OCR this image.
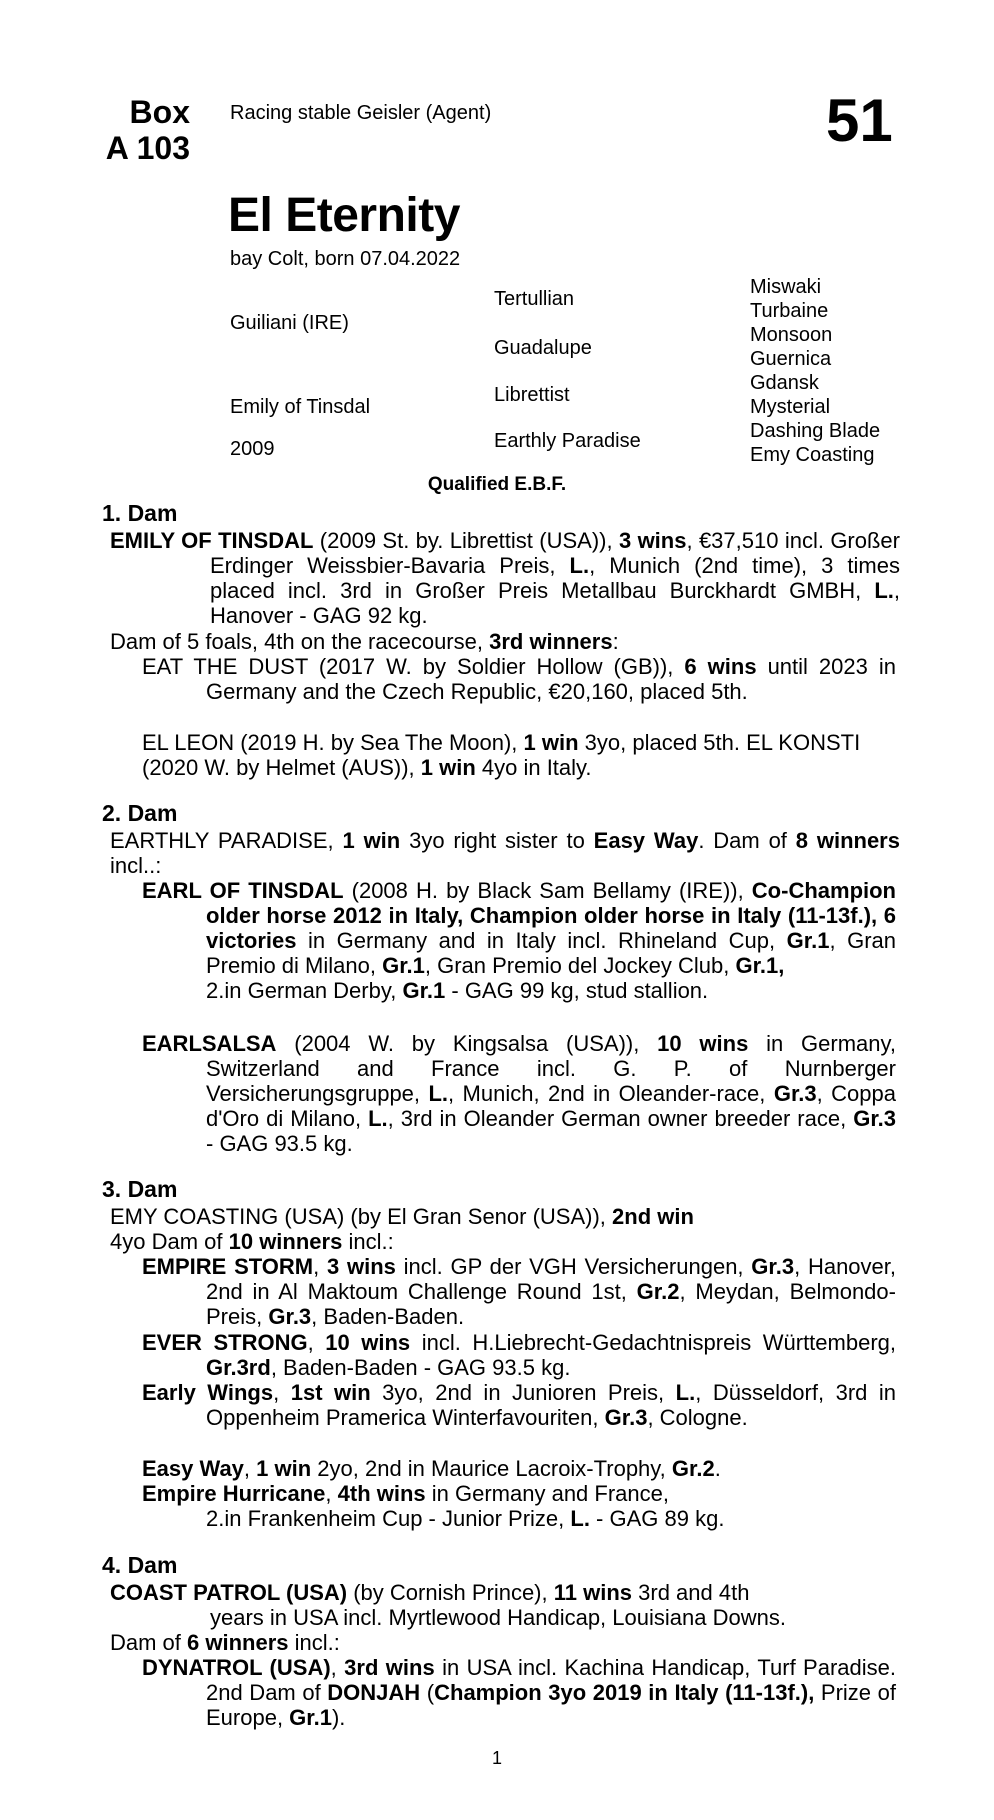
Box
A 103
Racing stable Geisler (Agent)	51
El Eternity
bay Colt, born 07.04.2022
Guiliani (IRE)
Emily of Tinsdal
2009
Tertullian
Guadalupe
Librettist
Earthly Paradise
Miswaki
Turbaine
Monsoon
Guernica
Gdansk
Mysterial
Dashing Blade
Emy Coasting
Qualified E.B.F.
1. Dam
EMILY OF TINSDAL (2009 St. by. Librettist (USA)), 3 wins, €37,510 incl. Großer Erdinger Weissbier-Bavaria Preis, L., Munich (2nd time), 3 times placed incl. 3rd in Großer Preis Metallbau Burckhardt GMBH, L., Hanover - GAG 92 kg.
Dam of 5 foals, 4th on the racecourse, 3rd winners:
EAT THE DUST (2017 W. by Soldier Hollow (GB)), 6 wins until 2023 in Germany and the Czech Republic, €20,160, placed 5th.
EL LEON (2019 H. by Sea The Moon), 1 win 3yo, placed 5th. EL KONSTI (2020 W. by Helmet (AUS)), 1 win 4yo in Italy.
2. Dam
EARTHLY PARADISE, 1 win 3yo right sister to Easy Way. Dam of 8 winners incl..:
EARL OF TINSDAL (2008 H. by Black Sam Bellamy (IRE)), Co-Champion older horse 2012 in Italy, Champion older horse in Italy (11-13f.), 6 victories in Germany and in Italy incl. Rhineland Cup, Gr.1, Gran Premio di Milano, Gr.1, Gran Premio del Jockey Club, Gr.1,
2.in German Derby, Gr.1 - GAG 99 kg, stud stallion.
EARLSALSA (2004 W. by Kingsalsa (USA)), 10 wins in Germany, Switzerland and France incl. G. P. of Nurnberger Versicherungsgruppe, L., Munich, 2nd in Oleander-race, Gr.3, Coppa d'Oro di Milano, L., 3rd in Oleander German owner breeder race, Gr.3 - GAG 93.5 kg.
3. Dam
EMY COASTING (USA) (by El Gran Senor (USA)), 2nd win
4yo Dam of 10 winners incl.:
EMPIRE STORM, 3 wins incl. GP der VGH Versicherungen, Gr.3, Hanover, 2nd in Al Maktoum Challenge Round 1st, Gr.2, Meydan, Belmondo-Preis, Gr.3, Baden-Baden.
EVER STRONG, 10 wins incl. H.Liebrecht-Gedachtnispreis Württemberg, Gr.3rd, Baden-Baden - GAG 93.5 kg.
Early Wings, 1st win 3yo, 2nd in Junioren Preis, L., Düsseldorf, 3rd in Oppenheim Pramerica Winterfavouriten, Gr.3, Cologne.
Easy Way, 1 win 2yo, 2nd in Maurice Lacroix-Trophy, Gr.2.
Empire Hurricane, 4th wins in Germany and France,
2.in Frankenheim Cup - Junior Prize, L. - GAG 89 kg.
4. Dam
COAST PATROL (USA) (by Cornish Prince), 11 wins 3rd and 4th
years in USA incl. Myrtlewood Handicap, Louisiana Downs.
Dam of 6 winners incl.:
DYNATROL (USA), 3rd wins in USA incl. Kachina Handicap, Turf Paradise. 2nd Dam of DONJAH (Champion 3yo 2019 in Italy (11-13f.), Prize of Europe, Gr.1).
1
